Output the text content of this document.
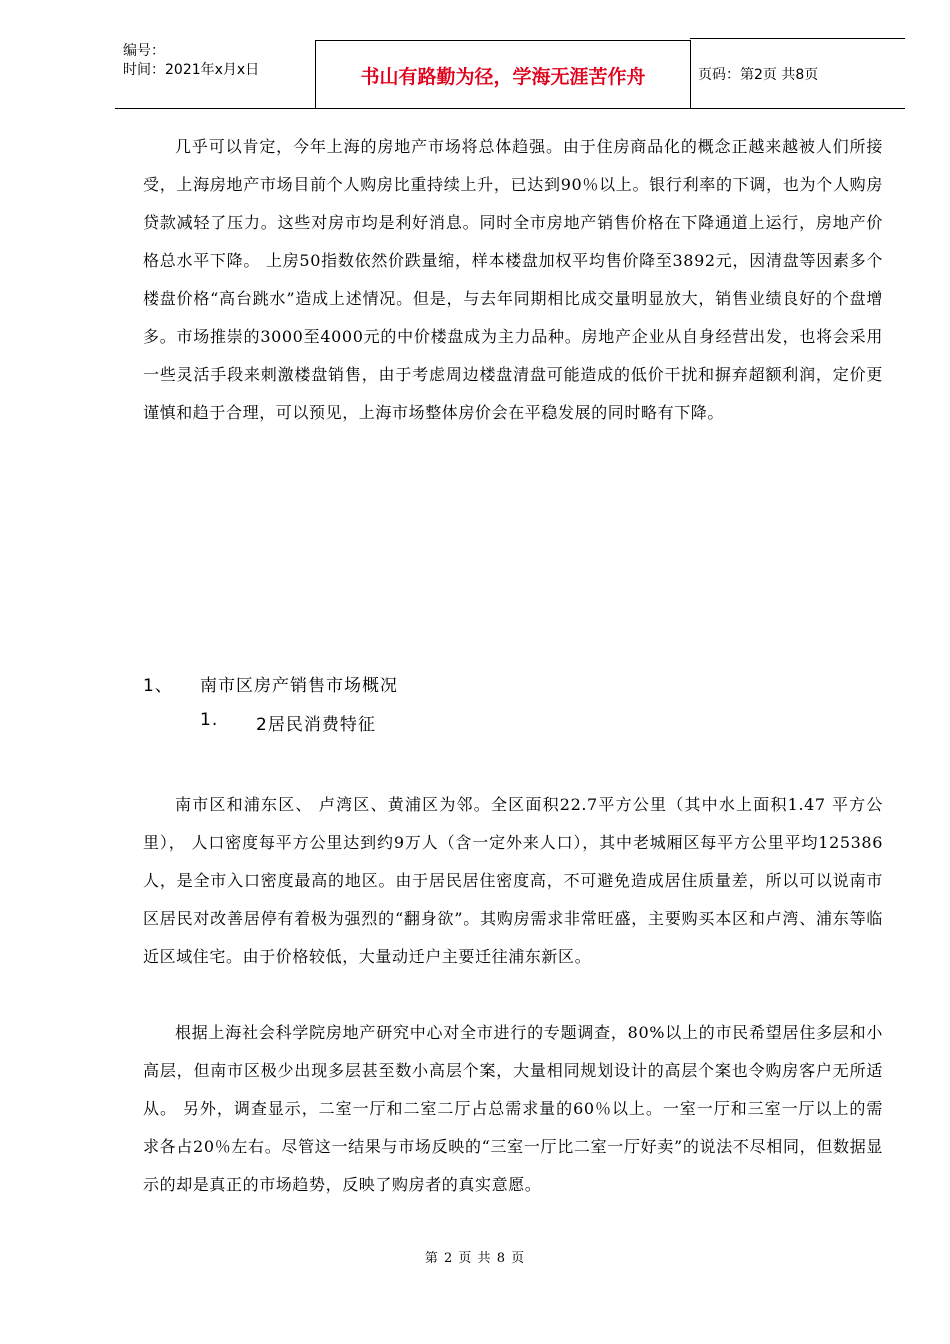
编号：
时间：2021年x月x日	书山有路勤为径，学海无涯苦作舟	页码：第2页 共8页

几乎可以肯定，今年上海的房地产市场将总体趋强。由于住房商品化的概念正越来越被人们所接受，上海房地产市场目前个人购房比重持续上升，已达到90％以上。银行利率的下调，也为个人购房贷款减轻了压力。这些对房市均是利好消息。同时全市房地产销售价格在下降通道上运行，房地产价格总水平下降。 上房50指数依然价跌量缩，样本楼盘加权平均售价降至3892元，因清盘等因素多个楼盘价格“高台跳水”造成上述情况。但是，与去年同期相比成交量明显放大，销售业绩良好的个盘增多。市场推崇的3000至4000元的中价楼盘成为主力品种。房地产企业从自身经营出发，也将会采用一些灵活手段来刺激楼盘销售，由于考虑周边楼盘清盘可能造成的低价干扰和摒弃超额利润，定价更谨慎和趋于合理，可以预见，上海市场整体房价会在平稳发展的同时略有下降。

1、 南市区房产销售市场概况
1. 2居民消费特征

南市区和浦东区、 卢湾区、黄浦区为邻。全区面积22.7平方公里（其中水上面积1.47 平方公里）， 人口密度每平方公里达到约9万人（含一定外来人口），其中老城厢区每平方公里平均125386人，是全市入口密度最高的地区。由于居民居住密度高，不可避免造成居住质量差，所以可以说南市区居民对改善居停有着极为强烈的“翻身欲”。其购房需求非常旺盛，主要购买本区和卢湾、浦东等临近区域住宅。由于价格较低，大量动迁户主要迁往浦东新区。

根据上海社会科学院房地产研究中心对全市进行的专题调查，80%以上的市民希望居住多层和小高层，但南市区极少出现多层甚至数小高层个案，大量相同规划设计的高层个案也令购房客户无所适从。 另外，调查显示，二室一厅和二室二厅占总需求量的60％以上。一室一厅和三室一厅以上的需求各占20％左右。尽管这一结果与市场反映的“三室一厅比二室一厅好卖”的说法不尽相同，但数据显示的却是真正的市场趋势，反映了购房者的真实意愿。

第 2 页 共 8 页
